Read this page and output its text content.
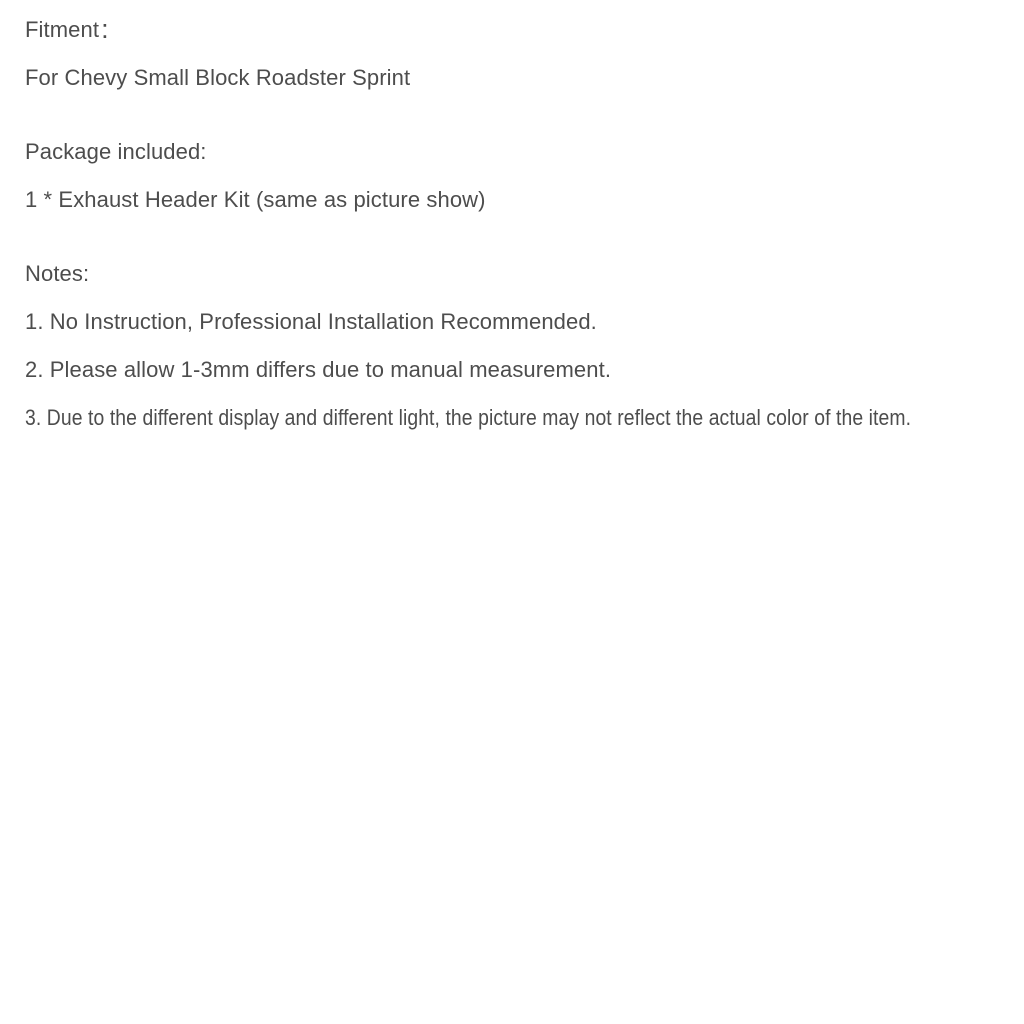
Fitment:

For Chevy Small Block Roadster Sprint

Package included:

1 * Exhaust Header Kit (same as picture show)

Notes:

1. No Instruction, Professional Installation Recommended.

2. Please allow 1-3mm differs due to manual measurement.

3. Due to the different display and different light, the picture may not reflect the actual color of the item.
